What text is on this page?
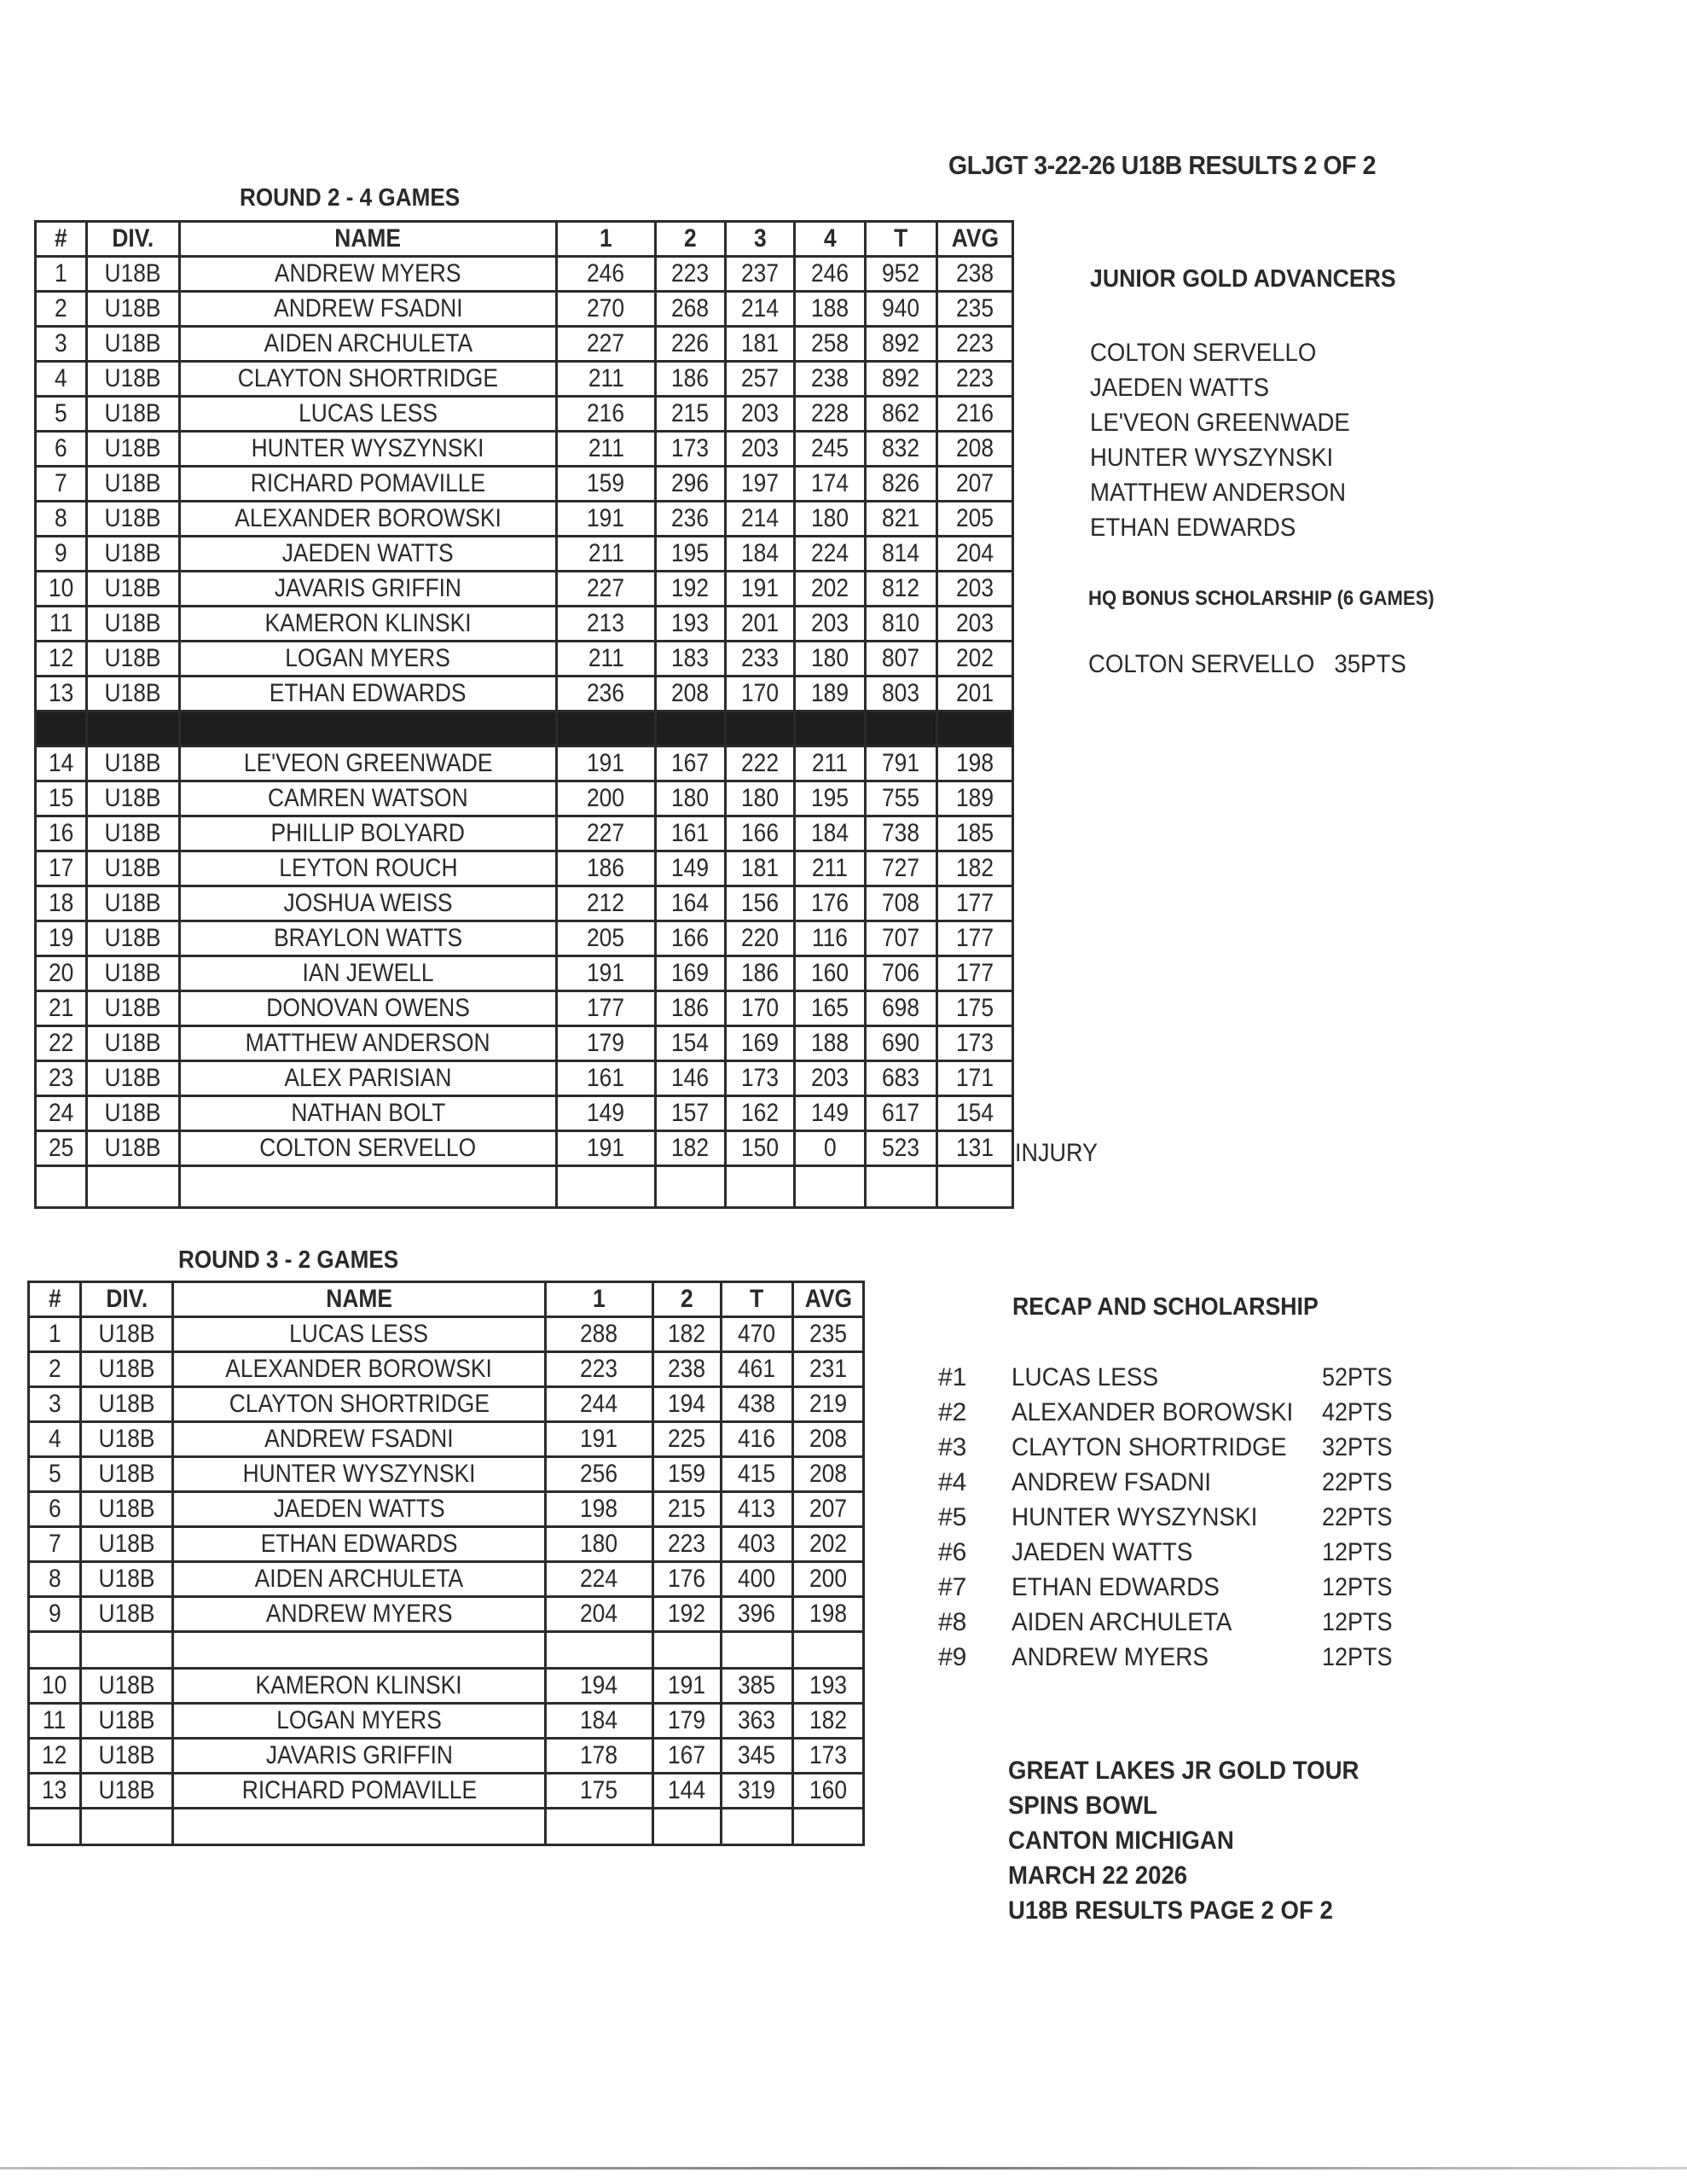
GLJGT 3-22-26 U18B RESULTS 2 OF 2
ROUND 2 - 4 GAMES
#	DIV.	NAME	1	2	3	4	T	AVG
1	U18B	ANDREW MYERS	246	223	237	246	952	238
2	U18B	ANDREW FSADNI	270	268	214	188	940	235
3	U18B	AIDEN ARCHULETA	227	226	181	258	892	223
4	U18B	CLAYTON SHORTRIDGE	211	186	257	238	892	223
5	U18B	LUCAS LESS	216	215	203	228	862	216
6	U18B	HUNTER WYSZYNSKI	211	173	203	245	832	208
7	U18B	RICHARD POMAVILLE	159	296	197	174	826	207
8	U18B	ALEXANDER BOROWSKI	191	236	214	180	821	205
9	U18B	JAEDEN WATTS	211	195	184	224	814	204
10	U18B	JAVARIS GRIFFIN	227	192	191	202	812	203
11	U18B	KAMERON KLINSKI	213	193	201	203	810	203
12	U18B	LOGAN MYERS	211	183	233	180	807	202
13	U18B	ETHAN EDWARDS	236	208	170	189	803	201

14	U18B	LE'VEON GREENWADE	191	167	222	211	791	198
15	U18B	CAMREN WATSON	200	180	180	195	755	189
16	U18B	PHILLIP BOLYARD	227	161	166	184	738	185
17	U18B	LEYTON ROUCH	186	149	181	211	727	182
18	U18B	JOSHUA WEISS	212	164	156	176	708	177
19	U18B	BRAYLON WATTS	205	166	220	116	707	177
20	U18B	IAN JEWELL	191	169	186	160	706	177
21	U18B	DONOVAN OWENS	177	186	170	165	698	175
22	U18B	MATTHEW ANDERSON	179	154	169	188	690	173
23	U18B	ALEX PARISIAN	161	146	173	203	683	171
24	U18B	NATHAN BOLT	149	157	162	149	617	154
25	U18B	COLTON SERVELLO	191	182	150	0	523	131
								INJURY
ROUND 3 - 2 GAMES
#	DIV.	NAME	1	2	T	AVG
1	U18B	LUCAS LESS	288	182	470	235
2	U18B	ALEXANDER BOROWSKI	223	238	461	231
3	U18B	CLAYTON SHORTRIDGE	244	194	438	219
4	U18B	ANDREW FSADNI	191	225	416	208
5	U18B	HUNTER WYSZYNSKI	256	159	415	208
6	U18B	JAEDEN WATTS	198	215	413	207
7	U18B	ETHAN EDWARDS	180	223	403	202
8	U18B	AIDEN ARCHULETA	224	176	400	200
9	U18B	ANDREW MYERS	204	192	396	198

10	U18B	KAMERON KLINSKI	194	191	385	193
11	U18B	LOGAN MYERS	184	179	363	182
12	U18B	JAVARIS GRIFFIN	178	167	345	173
13	U18B	RICHARD POMAVILLE	175	144	319	160

JUNIOR GOLD ADVANCERS
COLTON SERVELLO
JAEDEN WATTS
LE'VEON GREENWADE
HUNTER WYSZYNSKI
MATTHEW ANDERSON
ETHAN EDWARDS
HQ BONUS SCHOLARSHIP (6 GAMES)
COLTON SERVELLO 35PTS
RECAP AND SCHOLARSHIP
#1 LUCAS LESS	52PTS
#2 ALEXANDER BOROWSKI 42PTS
#3 CLAYTON SHORTRIDGE 32PTS
#4 ANDREW FSADNI	22PTS
#5 HUNTER WYSZYNSKI	22PTS
#6 JAEDEN WATTS	12PTS
#7 ETHAN EDWARDS	12PTS
#8 AIDEN ARCHULETA	12PTS
#9 ANDREW MYERS	12PTS
GREAT LAKES JR GOLD TOUR
SPINS BOWL
CANTON MICHIGAN
MARCH 22 2026
U18B RESULTS PAGE 2 OF 2
